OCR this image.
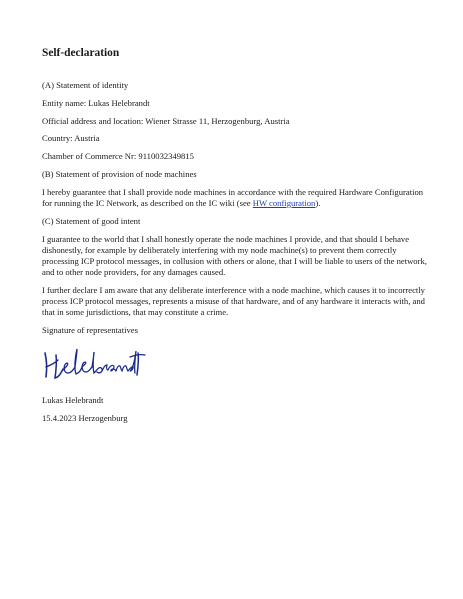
Self-declaration

(A) Statement of identity

Entity name: Lukas Helebrandt

Official address and location: Wiener Strasse 11, Herzogenburg, Austria

Country: Austria

Chamber of Commerce Nr: 9110032349815

(B) Statement of provision of node machines

I hereby guarantee that I shall provide node machines in accordance with the required Hardware Configuration for running the IC Network, as described on the IC wiki (see HW configuration).

(C) Statement of good intent

I guarantee to the world that I shall honestly operate the node machines I provide, and that should I behave dishonestly, for example by deliberately interfering with my node machine(s) to prevent them correctly processing ICP protocol messages, in collusion with others or alone, that I will be liable to users of the network, and to other node providers, for any damages caused.

I further declare I am aware that any deliberate interference with a node machine, which causes it to incorrectly process ICP protocol messages, represents a misuse of that hardware, and of any hardware it interacts with, and that in some jurisdictions, that may constitute a crime.

Signature of representatives

Lukas Helebrandt

15.4.2023 Herzogenburg
